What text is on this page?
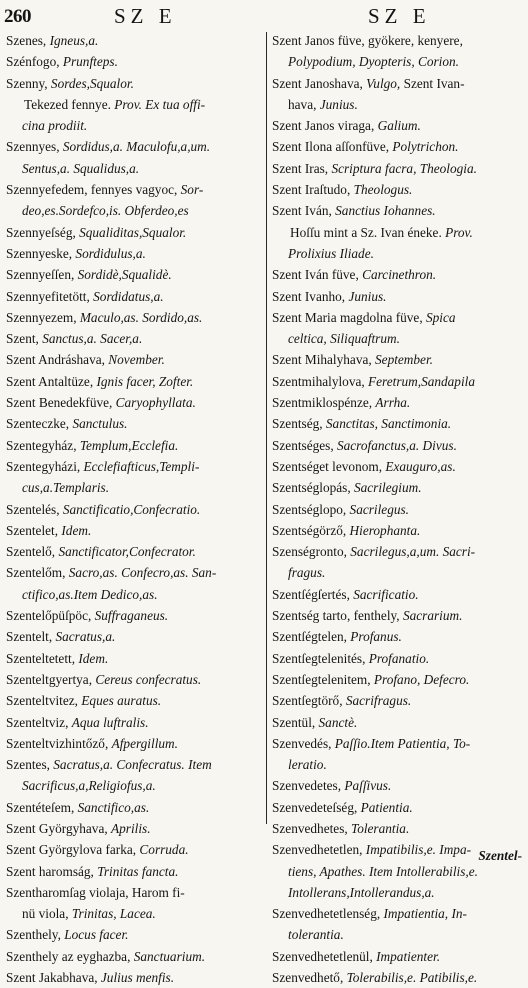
260	SZ E	SZ E
Szenes, Igneus,a.
Szénfogo, Prunfteps.
Szenny, Sordes,Squalor.
Tekezed fennye. Prov. Ex tua offi-
cina prodiit.
Szennyes, Sordidus,a. Maculofu,a,um.
Sentus,a. Squalidus,a.
Szennyefedem, fennyes vagyoc, Sor-
deo,es.Sordefco,is. Obferdeo,es
Szennyeſség, Squaliditas,Squalor.
Szennyeske, Sordidulus,a.
Szennyeſſen, Sordidè,Squalidè.
Szennyefitetött, Sordidatus,a.
Szennyezem, Maculo,as. Sordido,as.
Szent, Sanctus,a. Sacer,a.
Szent Andráshava, November.
Szent Antaltüze, Ignis facer, Zofter.
Szent Benedekfüve, Caryophyllata.
Szenteczke, Sanctulus.
Szentegyház, Templum,Ecclefia.
Szentegyházi, Ecclefiafticus,Templi-
cus,a.Templaris.
Szentelés, Sanctificatio,Confecratio.
Szentelet, Idem.
Szentelő, Sanctificator,Confecrator.
Szentelőm, Sacro,as. Confecro,as. San-
ctifico,as.Item Dedico,as.
Szentelőpüſpöc, Suffraganeus.
Szentelt, Sacratus,a.
Szenteltetett, Idem.
Szenteltgyertya, Cereus confecratus.
Szenteltvitez, Eques auratus.
Szenteltviz, Aqua luftralis.
Szenteltvizhintőző, Afpergillum.
Szentes, Sacratus,a. Confecratus. Item
Sacrificus,a,Religiofus,a.
Szentéteſem, Sanctifico,as.
Szent Györgyhava, Aprilis.
Szent Györgylova farka, Corruda.
Szent haromság, Trinitas fancta.
Szentharomſag violaja, Harom fi-
nü viola, Trinitas, Lacea.
Szenthely, Locus facer.
Szenthely az eyghazba, Sanctuarium.
Szent Jakabhava, Julius menfis.
Szent Janos füve, gyökere, kenyere,
Polypodium, Dyopteris, Corion.
Szent Janoshava, Vulgo, Szent Ivan-
hava, Junius.
Szent Janos viraga, Galium.
Szent Ilona aſſonfüve, Polytrichon.
Szent Iras, Scriptura facra, Theologia.
Szent Iraſtudo, Theologus.
Szent Iván, Sanctius Iohannes.
Hoſſu mint a Sz. Ivan éneke. Prov.
Prolixius Iliade.
Szent Iván füve, Carcinethron.
Szent Ivanho, Junius.
Szent Maria magdolna füve, Spica
celtica, Siliquaftrum.
Szent Mihalyhava, September.
Szentmihalylova, Feretrum,Sandapila
Szentmiklospénze, Arrha.
Szentség, Sanctitas, Sanctimonia.
Szentséges, Sacrofanctus,a. Divus.
Szentséget levonom, Exauguro,as.
Szentséglopás, Sacrilegium.
Szentséglopo, Sacrilegus.
Szentségörző, Hierophanta.
Szenségronto, Sacrilegus,a,um. Sacri-
fragus.
Szentſégſertés, Sacrificatio.
Szentség tarto, fenthely, Sacrarium.
Szentſégtelen, Profanus.
Szentſegtelenités, Profanatio.
Szentſegtelenitem, Profano, Defecro.
Szentſegtörő, Sacrifragus.
Szentül, Sanctè.
Szenvedés, Paſſio.Item Patientia, To-
leratio.
Szenvedetes, Paſſivus.
Szenvedeteſség, Patientia.
Szenvedhetes, Tolerantia.
Szenvedhetetlen, Impatibilis,e. Impa-
tiens, Apathes. Item Intollerabilis,e.
Intollerans,Intollerandus,a.
Szenvedhetetlenség, Impatientia, In-
tolerantia.
Szenvedhetetlenül, Impatienter.
Szenvedhető, Tolerabilis,e. Patibilis,e.
Szentel-
